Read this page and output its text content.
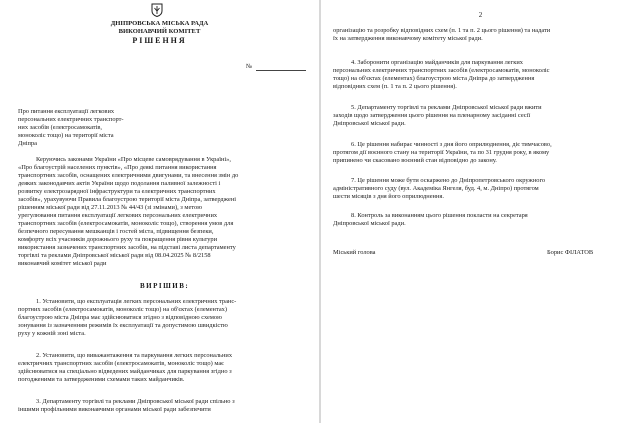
ДНІПРОВСЬКА МІСЬКА РАДА
ВИКОНАВЧИЙ КОМІТЕТ
РІШЕННЯ
№
Про питання експлуатації легкових
персональних електричних транспорт-
них засобів (електросамокатів,
моноколіс тощо) на території міста
Дніпра
Керуючись законами України «Про місцеве самоврядування в Україні»,
«Про благоустрій населених пунктів», «Про деякі питання використання
транспортних засобів, оснащених електричними двигунами, та внесення змін до
деяких законодавчих актів України щодо подолання паливної залежності і
розвитку електрозарядної інфраструктури та електричних транспортних
засобів», урахувуючи Правила благоустрою території міста Дніпра, затверджені
рішенням міської ради від 27.11.2013 № 44/43 (зі змінами), з метою
урегулювання питання експлуатації легкових персональних електричних
транспортних засобів (електросамокатів, моноколіс тощо), створення умов для
безпечного пересування мешканців і гостей міста, підвищення безпеки,
комфорту всіх учасників дорожнього руху та покращення рівня культури
використання зазначених транспортних засобів, на підставі листа департаменту
торгівлі та реклами Дніпровської міської ради від 08.04.2025 № 8/2158
виконавчий комітет міської ради
ВИРІШИВ:
1. Установити, що експлуатація легких персональних електричних транс-
портних засобів (електросамокатів, моноколіс тощо) на об'єктах (елементах)
благоустрою міста Дніпра має здійснюватися згідно з відповідною схемою
зонування із зазначенням режимів їх експлуатації та допустимою швидкістю
руху у кожній зоні міста.
2. Установити, що виважантаження та паркування легких персональних
електричних транспортних засобів (електросамокатів, моноколіс тощо) має
здійснюватися на спеціально відведених майданчиках для паркування згідно з
погодженими та затвердженими схемами таких майданчиків.
3. Департаменту торгівлі та реклами Дніпровської міської ради спільно з
іншими профільними виконавчими органами міської ради забезпечити
2
організацію та розробку відповідних схем (п. 1 та п. 2 цього рішення) та надати
їх на затвердження виконавчому комітету міської ради.
4. Заборонити організацію майданчиків для паркування легких
персональних електричних транспортних засобів (електросамокатів, моноколіс
тощо) на об'єктах (елементах) благоустрою міста Дніпра до затвердження
відповідних схем (п. 1 та п. 2 цього рішення).
5. Департаменту торгівлі та реклами Дніпровської міської ради вжити
заходів щодо затвердження цього рішення на пленарному засіданні сесії
Дніпровської міської ради.
6. Це рішення набирає чинності з дня його оприлюднення, діє тимчасово,
протягом дії воєнного стану на території України, та по 31 грудня року, в якому
припинено чи скасовано воєнний стан відповідно до закону.
7. Це рішення може бути оскаржено до Дніпропетровського окружного
адміністративного суду (вул. Академіка Янгеля, буд. 4, м. Дніпро) протягом
шести місяців з дня його оприлюднення.
8. Контроль за виконанням цього рішення покласти на секретаря
Дніпровської міської ради.
Міський голова	Борис ФІЛАТОВ
